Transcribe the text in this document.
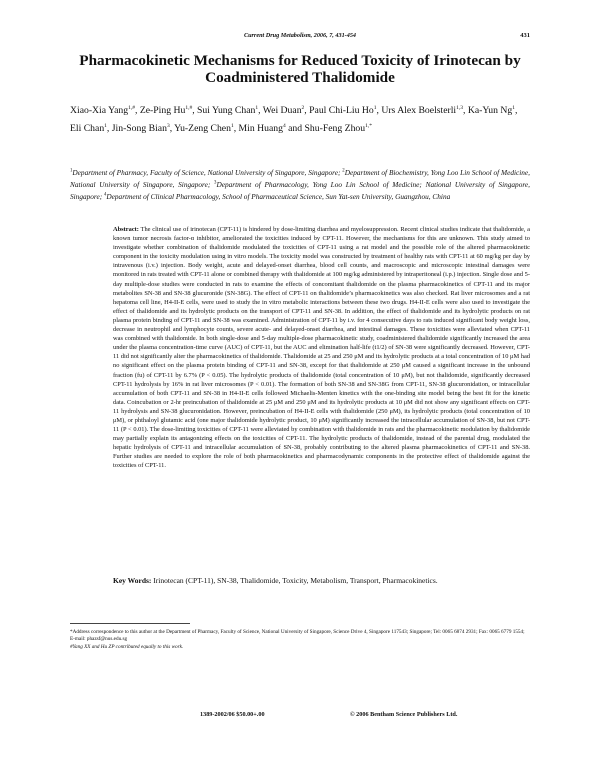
Current Drug Metabolism, 2006, 7, 431-454	431
Pharmacokinetic Mechanisms for Reduced Toxicity of Irinotecan by Coadministered Thalidomide

Xiao-Xia Yang$^{1,\#}$, Ze-Ping $Hu^{1,\#}$, Sui Yung Chan$^1$, Wei Duan$^2$, Paul Chi-Liu Ho$^1$, Urs Alex Boelsterli$^{1,3}$, Ka-Yun Ng$^1$, Eli Chan$^1$, Jin-Song Bian$^3$, Yu-Zeng Chen$^1$, Min Huang$^4$ and Shu-Feng Zhou$^{1,*}$

$^1$Department of Pharmacy, Faculty of Science, National University of Singapore, Singapore; $^2$Department of Biochemistry, Yong Loo Lin School of Medicine, National University of Singapore, Singapore; $^3$Department of Pharmacology, Yong Loo Lin School of Medicine; National University of Singapore, Singapore; $^4$Department of Clinical Pharmacology, School of Pharmaceutical Science, Sun Yat-sen University, Guangzhou, China

Abstract: The clinical use of irinotecan (CPT-11) is hindered by dose-limiting diarrhea and myelosuppression. Recent clinical studies indicate that thalidomide, a known tumor necrosis factor-α inhibitor, ameliorated the toxicities induced by CPT-11. However, the mechanisms for this are unknown. This study aimed to investigate whether combination of thalidomide modulated the toxicities of CPT-11 using a rat model and the possible role of the altered pharmacokinetic component in the toxicity modulation using in vitro models. The toxicity model was constructed by treatment of healthy rats with CPT-11 at 60 mg/kg per day by intravenous (i.v.) injection. Body weight, acute and delayed-onset diarrhea, blood cell counts, and macroscopic and microscopic intestinal damages were monitored in rats treated with CPT-11 alone or combined therapy with thalidomide at 100 mg/kg administered by intraperitoneal (i.p.) injection. Single dose and 5-day multiple-dose studies were conducted in rats to examine the effects of concomitant thalidomide on the plasma pharmacokinetics of CPT-11 and its major metabolites SN-38 and SN-38 glucuronide (SN-38G). The effect of CPT-11 on thalidomide’s pharmacokinetics was also checked. Rat liver microsomes and a rat hepatoma cell line, H4-II-E cells, were used to study the in vitro metabolic interactions between these two drugs. H4-II-E cells were also used to investigate the effect of thalidomide and its hydrolytic products on the transport of CPT-11 and SN-38. In addition, the effect of thalidomide and its hydrolytic products on rat plasma protein binding of CPT-11 and SN-38 was examined. Administration of CPT-11 by i.v. for 4 consecutive days to rats induced significant body weight loss, decrease in neutrophil and lymphocyte counts, severe acute- and delayed-onset diarrhea, and intestinal damages. These toxicities were alleviated when CPT-11 was combined with thalidomide. In both single-dose and 5-day multiple-dose pharmacokinetic study, coadministered thalidomide significantly increased the area under the plasma concentration-time curve (AUC) of CPT-11, but the AUC and elimination half-life (t1/2) of SN-38 were significantly decreased. However, CPT-11 did not significantly alter the pharmacokinetics of thalidomide. Thalidomide at 25 and 250 μM and its hydrolytic products at a total concentration of 10 μM had no significant effect on the plasma protein binding of CPT-11 and SN-38, except for that thalidomide at 250 μM caused a significant increase in the unbound fraction (fu) of CPT-11 by 6.7% (P < 0.05). The hydrolytic products of thalidomide (total concentration of 10 μM), but not thalidomide, significantly decreased CPT-11 hydrolysis by 16% in rat liver microsomes (P < 0.01). The formation of both SN-38 and SN-38G from CPT-11, SN-38 glucuronidation, or intracellular accumulation of both CPT-11 and SN-38 in H4-II-E cells followed Michaelis-Menten kinetics with the one-binding site model being the best fit for the kinetic data. Coincubation or 2-hr preincubation of thalidomide at 25 μM and 250 μM and its hydrolytic products at 10 μM did not show any significant effects on CPT-11 hydrolysis and SN-38 glucuronidation. However, preincubation of H4-II-E cells with thalidomide (250 μM), its hydrolytic products (total concentration of 10 μM), or phthaloyl glutamic acid (one major thalidomide hydrolytic product, 10 μM) significantly increased the intracellular accumulation of SN-38, but not CPT-11 (P < 0.01). The dose-limiting toxicities of CPT-11 were alleviated by combination with thalidomide in rats and the pharmacokinetic modulation by thalidomide may partially explain its antagonizing effects on the toxicities of CPT-11. The hydrolytic products of thalidomide, instead of the parental drug, modulated the hepatic hydrolysis of CPT-11 and intracellular accumulation of SN-38, probably contributing to the altered plasma pharmacokinetics of CPT-11 and SN-38. Further studies are needed to explore the role of both pharmacokinetics and pharmacodynamic components in the protective effect of thalidomide against the toxicities of CPT-11.

Key Words: Irinotecan (CPT-11), SN-38, Thalidomide, Toxicity, Metabolism, Transport, Pharmacokinetics.

*Address correspondence to this author at the Department of Pharmacy, Faculty of Science, National University of Singapore, Science Drive 4, Singapore 117543; Singapore; Tel: 0065 6874 2931; Fax: 0065 6779 1554; E-mail: phazsf@nus.edu.sg

#Yang XX and Hu ZP contributed equally to this work.

1389-2002/06 $50.00+.00	© 2006 Bentham Science Publishers Ltd.
